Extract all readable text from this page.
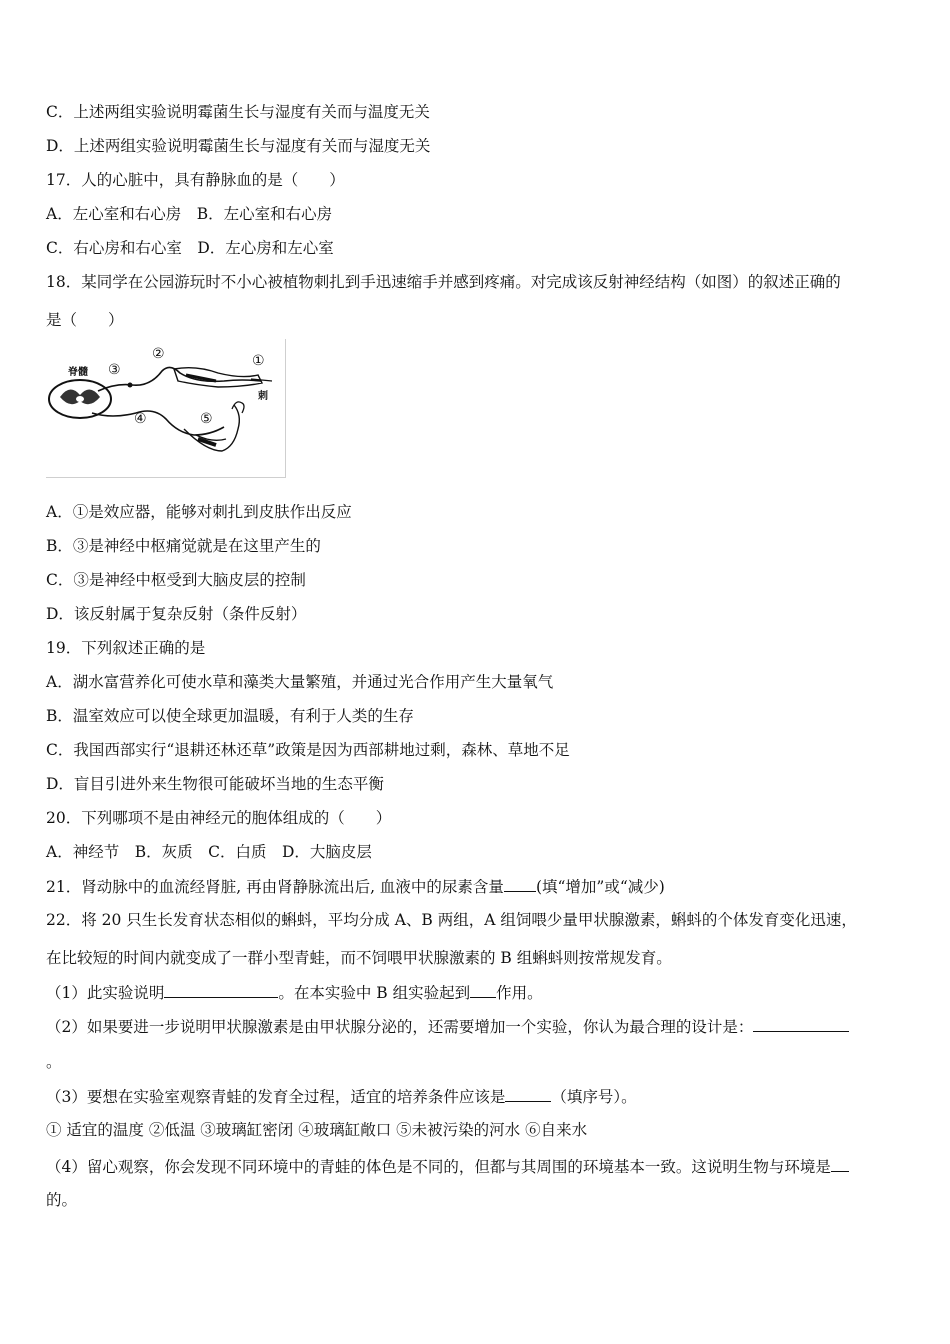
C．上述两组实验说明霉菌生长与湿度有关而与温度无关
D．上述两组实验说明霉菌生长与湿度有关而与湿度无关
17．人的心脏中，具有静脉血的是（　　）
A．左心室和右心房　B．左心室和右心房
C．右心房和右心室　D．左心房和左心室
18．某同学在公园游玩时不小心被植物刺扎到手迅速缩手并感到疼痛。对完成该反射神经结构（如图）的叙述正确的
是（　　）
③
②	①
④	⑤
刺
脊髓
A．①是效应器，能够对刺扎到皮肤作出反应
B．③是神经中枢痛觉就是在这里产生的
C．③是神经中枢受到大脑皮层的控制
D．该反射属于复杂反射（条件反射）
19．下列叙述正确的是
A．湖水富营养化可使水草和藻类大量繁殖，并通过光合作用产生大量氧气
B．温室效应可以使全球更加温暖，有利于人类的生存
C．我国西部实行“退耕还林还草”政策是因为西部耕地过剩，森林、草地不足
D．盲目引进外来生物很可能破坏当地的生态平衡
20．下列哪项不是由神经元的胞体组成的（　　）
A．神经节　B．灰质　C．白质　D．大脑皮层
21．肾动脉中的血流经肾脏, 再由肾静脉流出后, 血液中的尿素含量 (填“增加”或“减少)
22．将 20 只生长发育状态相似的蝌蚪，平均分成 A、B 两组，A 组饲喂少量甲状腺激素，蝌蚪的个体发育变化迅速，
在比较短的时间内就变成了一群小型青蛙，而不饲喂甲状腺激素的 B 组蝌蚪则按常规发育。
（1）此实验说明	。在本实验中 B 组实验起到 作用。
（2）如果要进一步说明甲状腺激素是由甲状腺分泌的，还需要增加一个实验，你认为最合理的设计是：
。
（3）要想在实验室观察青蛙的发育全过程，适宜的培养条件应该是	（填序号）。
① 适宜的温度 ②低温 ③玻璃缸密闭 ④玻璃缸敞口 ⑤未被污染的河水 ⑥自来水
（4）留心观察，你会发现不同环境中的青蛙的体色是不同的，但都与其周围的环境基本一致。这说明生物与环境是
的。
